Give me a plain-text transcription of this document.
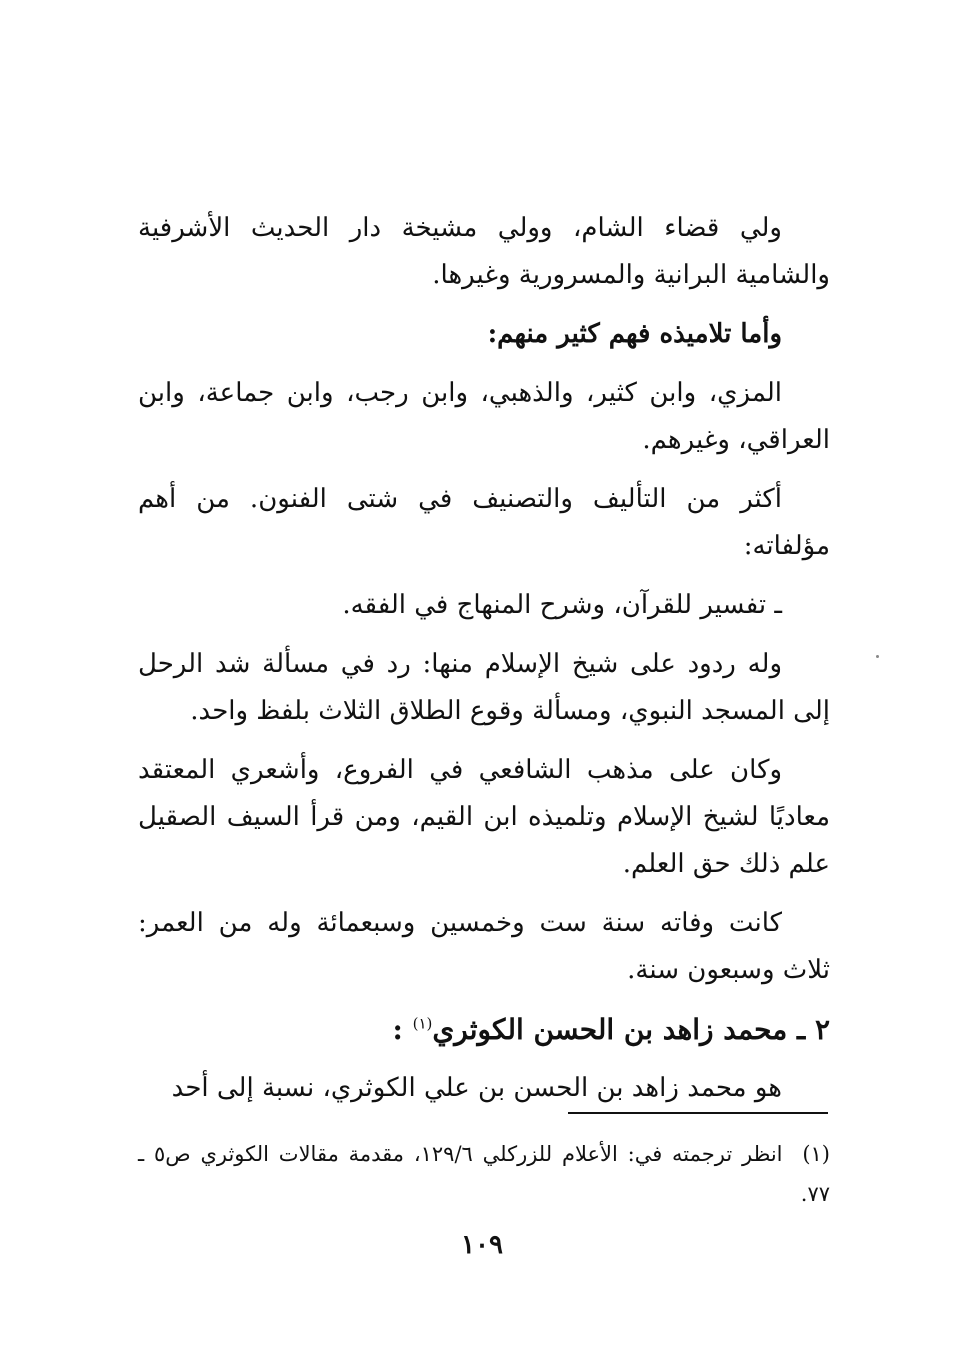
ولي قضاء الشام، وولي مشيخة دار الحديث الأشرفية والشامية البرانية والمسرورية وغيرها.

وأما تلاميذه فهم كثير منهم:

المزي، وابن كثير، والذهبي، وابن رجب، وابن جماعة، وابن العراقي، وغيرهم.

أكثر من التأليف والتصنيف في شتى الفنون. من أهم مؤلفاته:

ـ تفسير للقرآن، وشرح المنهاج في الفقه.

وله ردود على شيخ الإسلام منها: رد في مسألة شد الرحل إلى المسجد النبوي، ومسألة وقوع الطلاق الثلاث بلفظ واحد.

وكان على مذهب الشافعي في الفروع، وأشعري المعتقد معاديًا لشيخ الإسلام وتلميذه ابن القيم، ومن قرأ السيف الصقيل علم ذلك حق العلم.

كانت وفاته سنة ست وخمسين وسبعمائة وله من العمر: ثلاث وسبعون سنة.

٢ ـ محمد زاهد بن الحسن الكوثري$^{(١)}$ :

هو محمد زاهد بن الحسن بن علي الكوثري، نسبة إلى أحد

(١) انظر ترجمته في: الأعلام للزركلي ١٢٩/٦، مقدمة مقالات الكوثري ص٥ ـ ٧٧.
١٠٩
